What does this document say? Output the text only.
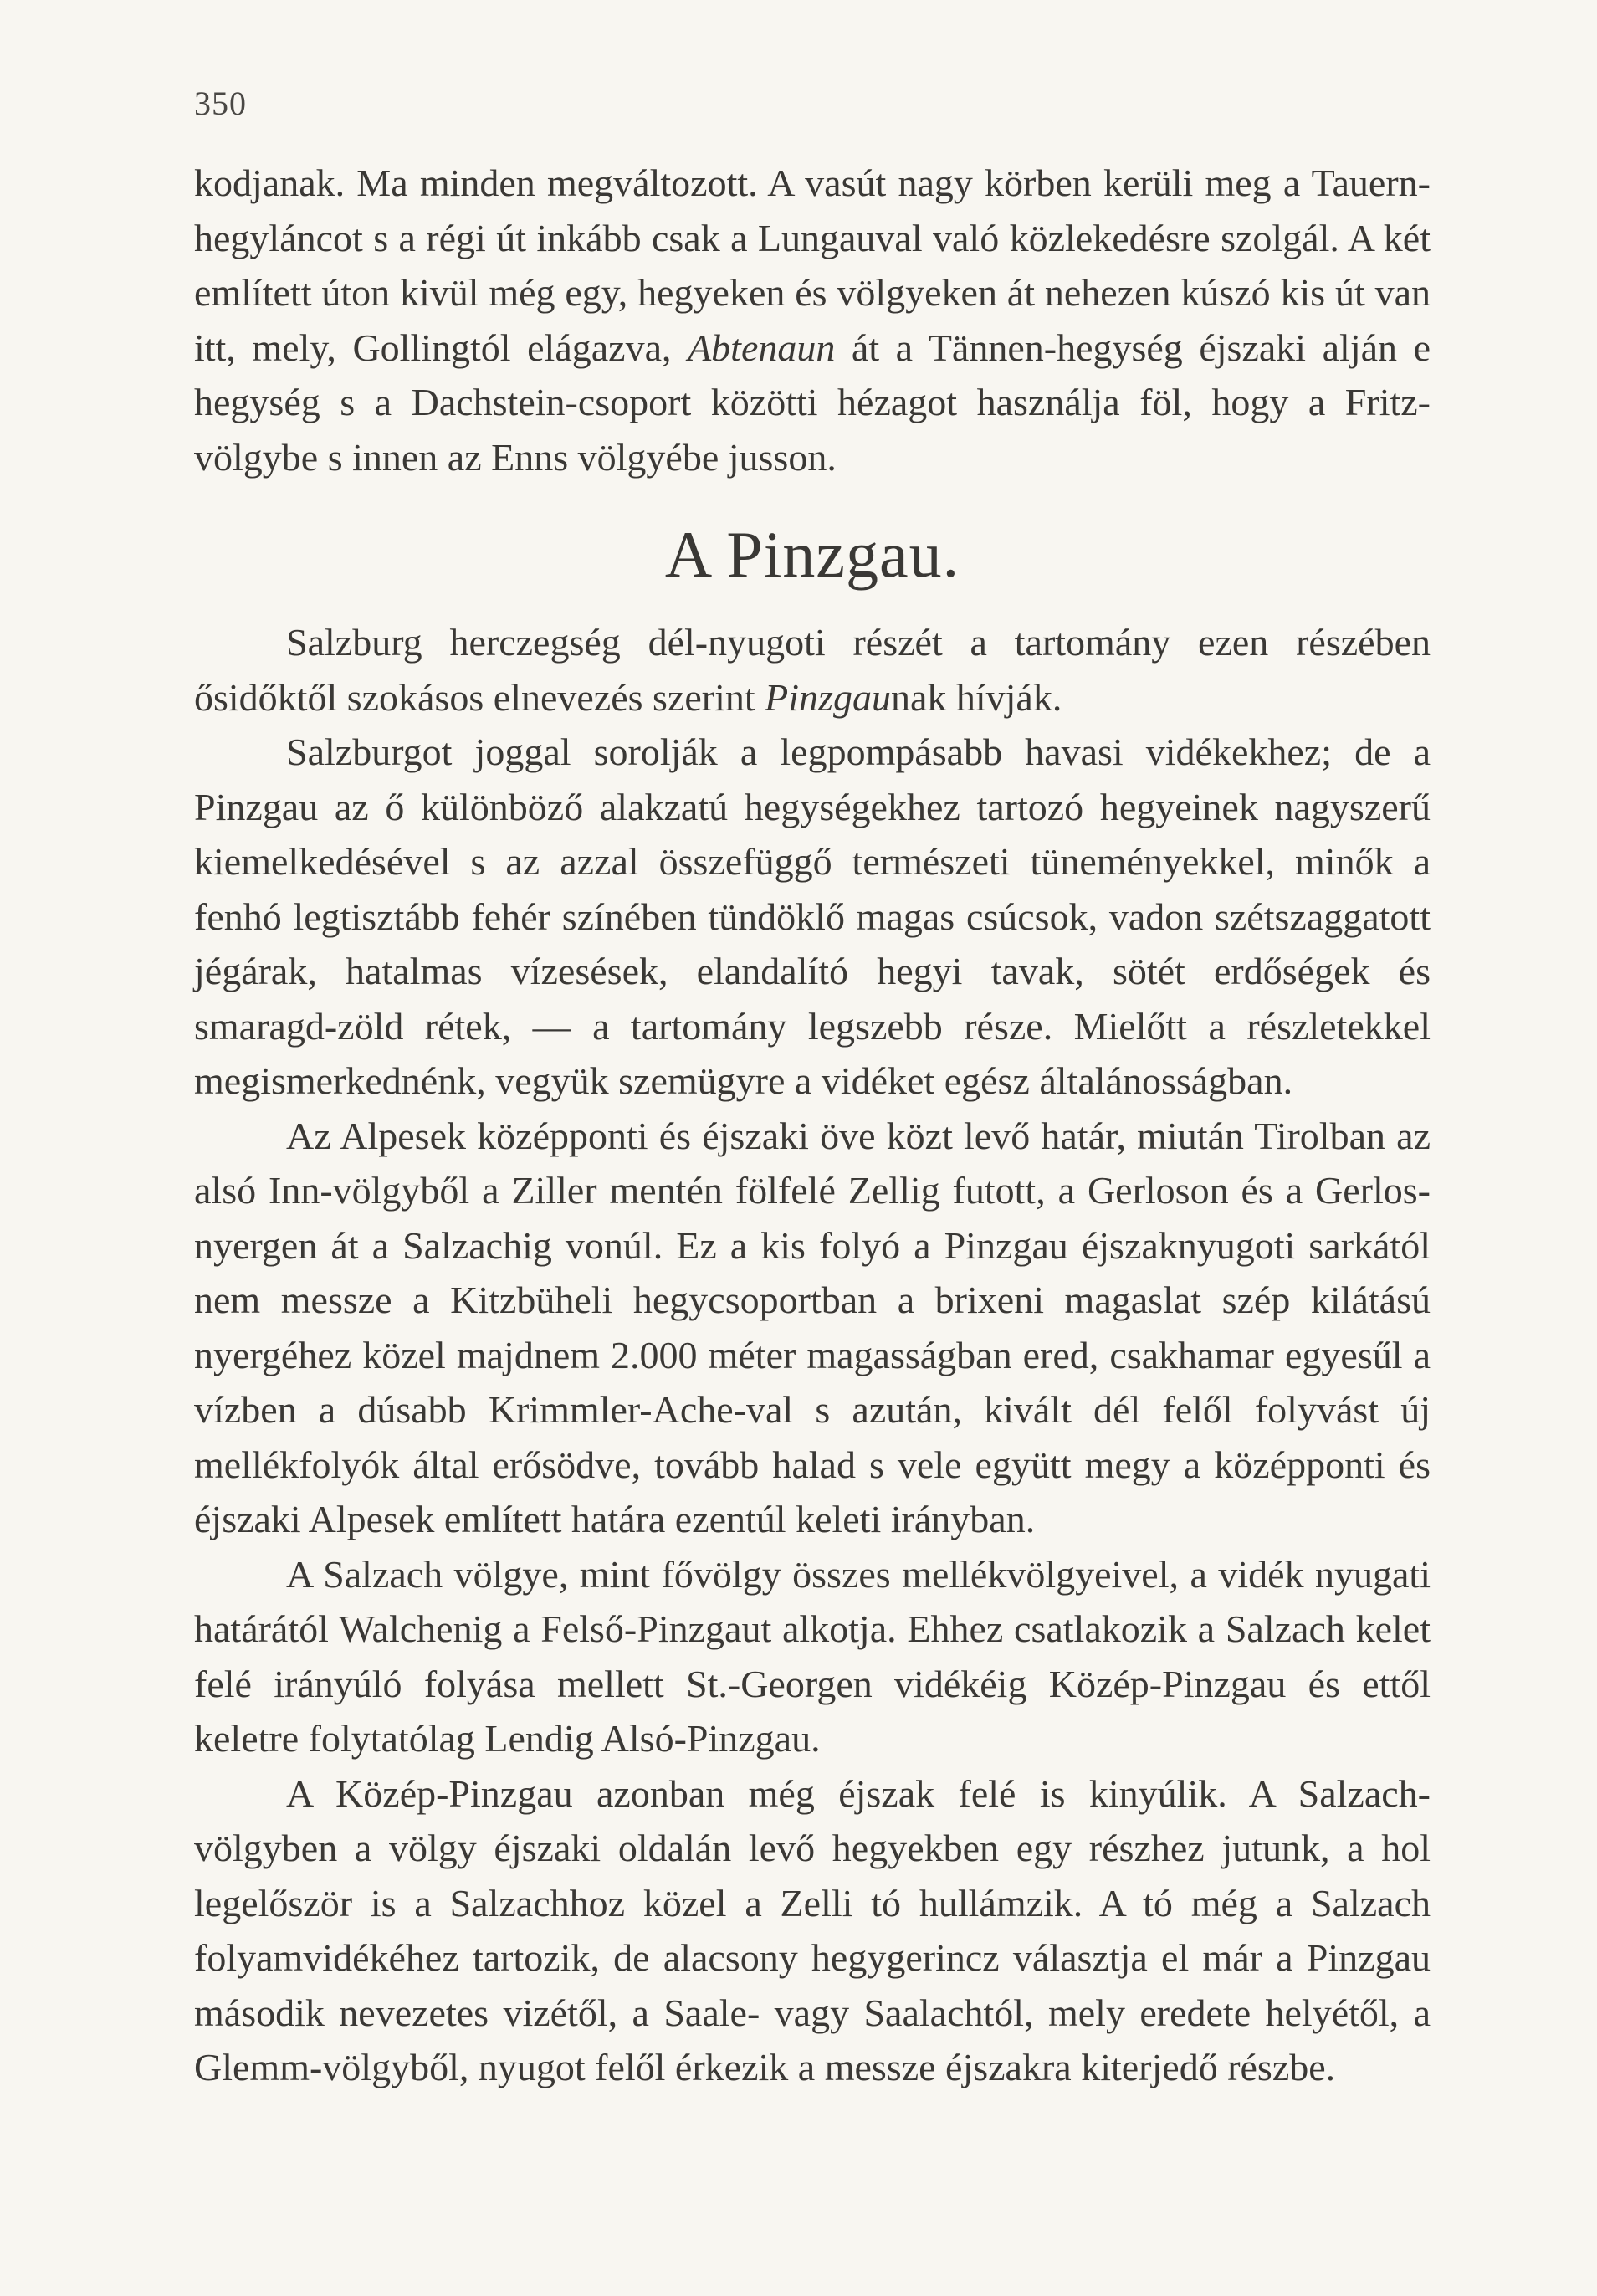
350

kodjanak. Ma minden megváltozott. A vasút nagy körben kerüli meg a Tauern-hegyláncot s a régi út inkább csak a Lungauval való közlekedésre szolgál. A két említett úton kivül még egy, hegyeken és völgyeken át nehezen kúszó kis út van itt, mely, Gollingtól elágazva, Abtenaun át a Tännen-hegység éjszaki alján e hegység s a Dachstein-csoport közötti hézagot használja föl, hogy a Fritz-völgybe s innen az Enns völgyébe jusson.

A Pinzgau.

Salzburg herczegség dél-nyugoti részét a tartomány ezen részében ősidőktől szokásos elnevezés szerint Pinzgaunak hívják.

Salzburgot joggal sorolják a legpompásabb havasi vidékekhez; de a Pinzgau az ő különböző alakzatú hegységekhez tartozó hegyeinek nagyszerű kiemelkedésével s az azzal összefüggő természeti tüneményekkel, minők a fenhó legtisztább fehér színében tündöklő magas csúcsok, vadon szétszaggatott jégárak, hatalmas vízesések, elandalító hegyi tavak, sötét erdőségek és smaragd-zöld rétek, — a tartomány legszebb része. Mielőtt a részletekkel megismerkednénk, vegyük szemügyre a vidéket egész általánosságban.

Az Alpesek középponti és éjszaki öve közt levő határ, miután Tirolban az alsó Inn-völgyből a Ziller mentén fölfelé Zellig futott, a Gerloson és a Gerlos-nyergen át a Salzachig vonúl. Ez a kis folyó a Pinzgau éjszaknyugoti sarkától nem messze a Kitzbüheli hegycsoportban a brixeni magaslat szép kilátású nyergéhez közel majdnem 2.000 méter magasságban ered, csakhamar egyesűl a vízben a dúsabb Krimmler-Ache-val s azután, kivált dél felől folyvást új mellékfolyók által erősödve, tovább halad s vele együtt megy a középponti és éjszaki Alpesek említett határa ezentúl keleti irányban.

A Salzach völgye, mint fővölgy összes mellékvölgyeivel, a vidék nyugati határától Walchenig a Felső-Pinzgaut alkotja. Ehhez csatlakozik a Salzach kelet felé irányúló folyása mellett St.-Georgen vidékéig Közép-Pinzgau és ettől keletre folytatólag Lendig Alsó-Pinzgau.

A Közép-Pinzgau azonban még éjszak felé is kinyúlik. A Salzach-völgyben a völgy éjszaki oldalán levő hegyekben egy részhez jutunk, a hol legelőször is a Salzachhoz közel a Zelli tó hullámzik. A tó még a Salzach folyamvidékéhez tartozik, de alacsony hegygerincz választja el már a Pinzgau második nevezetes vizétől, a Saale- vagy Saalachtól, mely eredete helyétől, a Glemm-völgyből, nyugot felől érkezik a messze éjszakra kiterjedő részbe.
